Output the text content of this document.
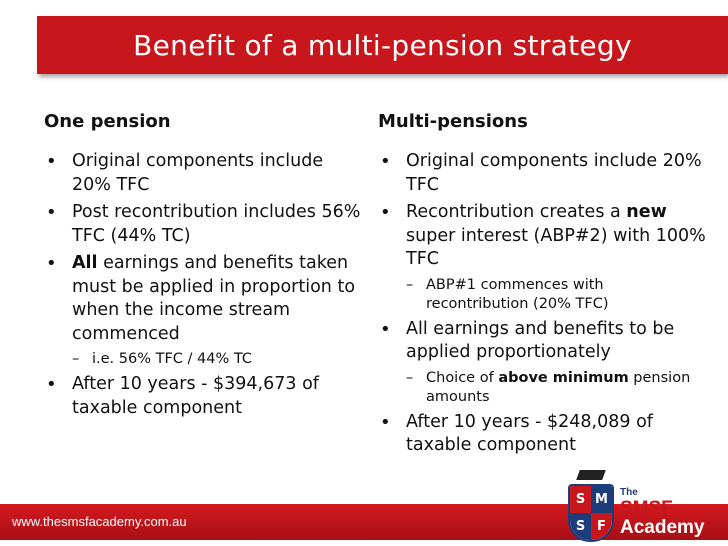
Benefit of a multi-pension strategy
One pension
• Original components include 20% TFC
• Post recontribution includes 56% TFC (44% TC)
• All earnings and benefits taken must be applied in proportion to when the income stream commenced
– i.e. 56% TFC / 44% TC
• After 10 years - $394,673 of taxable component
Multi-pensions
• Original components include 20% TFC
• Recontribution creates a new super interest (ABP#2) with 100% TFC
– ABP#1 commences with recontribution (20% TFC)
• All earnings and benefits to be applied proportionately
– Choice of above minimum pension amounts
• After 10 years - $248,089 of taxable component
www.thesmsfacademy.com.au
S M
S F
The
SMSF
Academy
